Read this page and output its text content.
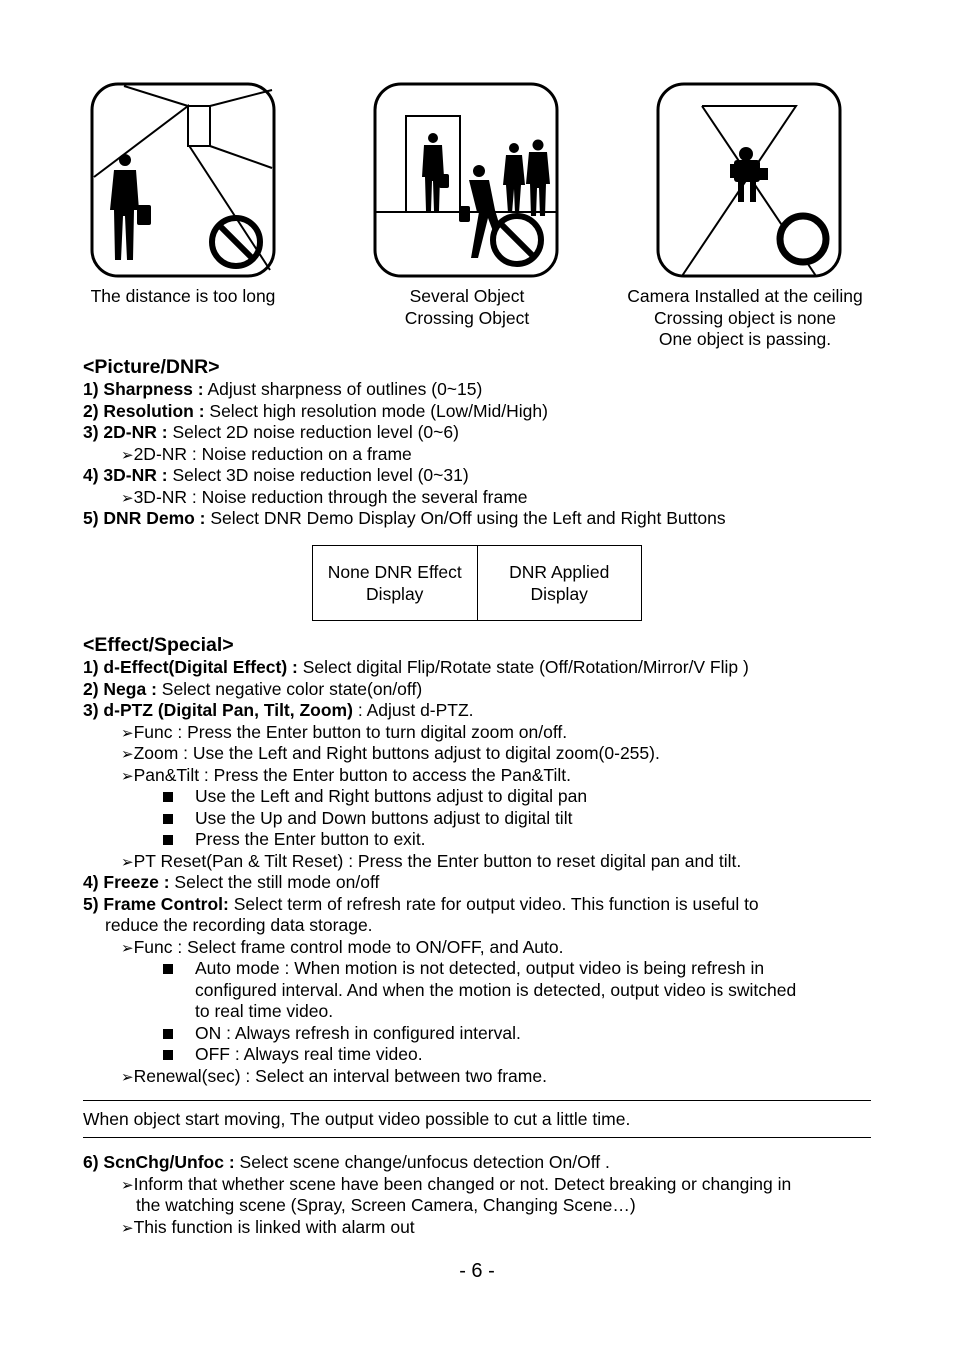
The distance is too long	Several Object
Crossing Object
Camera Installed at the ceiling
Crossing object is none
One object is passing.
<Picture/DNR>
1) Sharpness : Adjust sharpness of outlines (0~15)
2) Resolution : Select high resolution mode (Low/Mid/High)
3) 2D-NR : Select 2D noise reduction level (0~6)
➢2D-NR : Noise reduction on a frame
4) 3D-NR : Select 3D noise reduction level (0~31)
➢3D-NR : Noise reduction through the several frame
5) DNR Demo : Select DNR Demo Display On/Off using the Left and Right Buttons
None DNR Effect
Display
DNR Applied
Display
<Effect/Special>
1) d-Effect(Digital Effect) : Select digital Flip/Rotate state (Off/Rotation/Mirror/V Flip )
2) Nega : Select negative color state(on/off)
3) d-PTZ (Digital Pan, Tilt, Zoom) : Adjust d-PTZ.
➢Func : Press the Enter button to turn digital zoom on/off.
➢Zoom : Use the Left and Right buttons adjust to digital zoom(0-255).
➢Pan&Tilt : Press the Enter button to access the Pan&Tilt.
Use the Left and Right buttons adjust to digital pan
Use the Up and Down buttons adjust to digital tilt
Press the Enter button to exit.
➢PT Reset(Pan & Tilt Reset) : Press the Enter button to reset digital pan and tilt.
4) Freeze : Select the still mode on/off
5) Frame Control: Select term of refresh rate for output video. This function is useful to
reduce the recording data storage.
➢Func : Select frame control mode to ON/OFF, and Auto.
Auto mode : When motion is not detected, output video is being refresh in
configured interval. And when the motion is detected, output video is switched
to real time video.
ON : Always refresh in configured interval.
OFF : Always real time video.
➢Renewal(sec) : Select an interval between two frame.
When object start moving, The output video possible to cut a little time.
6) ScnChg/Unfoc : Select scene change/unfocus detection On/Off .
➢Inform that whether scene have been changed or not. Detect breaking or changing in
the watching scene (Spray, Screen Camera, Changing Scene…)
➢This function is linked with alarm out
- 6 -
